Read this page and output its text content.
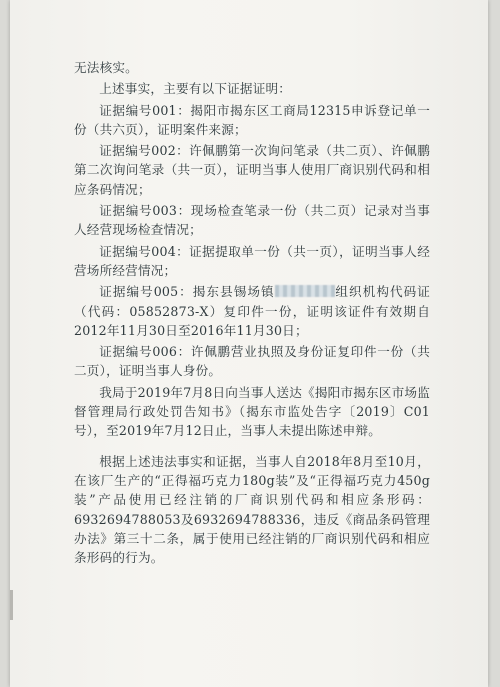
无法核实。

上述事实，主要有以下证据证明：

证据编号001：揭阳市揭东区工商局12315申诉登记单一份（共六页），证明案件来源；

证据编号002：许佩鹏第一次询问笔录（共二页）、许佩鹏第二次询问笔录（共一页），证明当事人使用厂商识别代码和相应条码情况；

证据编号003：现场检查笔录一份（共二页）记录对当事人经营现场检查情况；

证据编号004：证据提取单一份（共一页），证明当事人经营场所经营情况；

证据编号005：揭东县锡场镇	组织机构代码证（代码：05852873-X）复印件一份，证明该证件有效期自2012年11月30日至2016年11月30日；

证据编号006：许佩鹏营业执照及身份证复印件一份（共二页），证明当事人身份。

我局于2019年7月8日向当事人送达《揭阳市揭东区市场监督管理局行政处罚告知书》（揭东市监处告字〔2019〕C01号），至2019年7月12日止，当事人未提出陈述申辩。

根据上述违法事实和证据，当事人自2018年8月至10月，在该厂生产的“正得福巧克力180g装”及“正得福巧克力450g装”产品使用已经注销的厂商识别代码和相应条形码：6932694788053及6932694788336，违反《商品条码管理办法》第三十二条，属于使用已经注销的厂商识别代码和相应条形码的行为。
